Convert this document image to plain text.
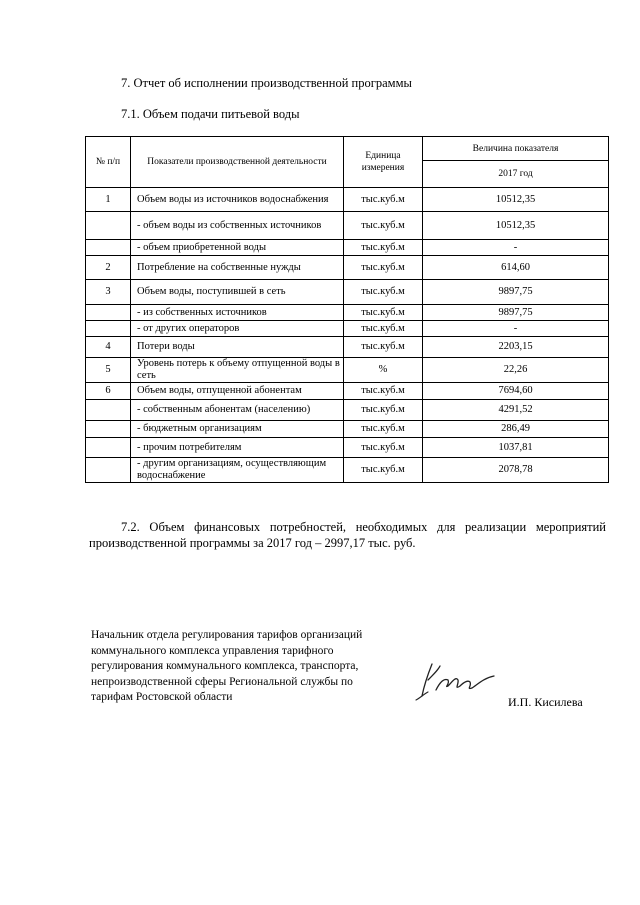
7. Отчет об исполнении производственной программы
7.1. Объем подачи питьевой воды
№ п/п	Показатели производственной деятельности	Единица измерения	Величина показателя
			2017 год
1	Объем воды из источников водоснабжения	тыс.куб.м	10512,35
	- объем воды из собственных источников	тыс.куб.м	10512,35
	- объем приобретенной воды	тыс.куб.м	-
2	Потребление на собственные нужды	тыс.куб.м	614,60
3	Объем воды, поступившей в сеть	тыс.куб.м	9897,75
	- из собственных источников	тыс.куб.м	9897,75
	- от других операторов	тыс.куб.м	-
4	Потери воды	тыс.куб.м	2203,15
5	Уровень потерь к объему отпущенной воды в сеть	%	22,26
6	Объем воды, отпущенной абонентам	тыс.куб.м	7694,60
	- собственным абонентам (населению)	тыс.куб.м	4291,52
	- бюджетным организациям	тыс.куб.м	286,49
	- прочим потребителям	тыс.куб.м	1037,81
	- другим организациям, осуществляющим водоснабжение	тыс.куб.м	2078,78
7.2. Объем финансовых потребностей, необходимых для реализации мероприятий производственной программы за 2017 год – 2997,17 тыс. руб.
Начальник отдела регулирования тарифов организаций
коммунального комплекса управления тарифного
регулирования коммунального комплекса, транспорта,
непроизводственной сферы Региональной службы по
тарифам Ростовской области	И.П. Кисилева
